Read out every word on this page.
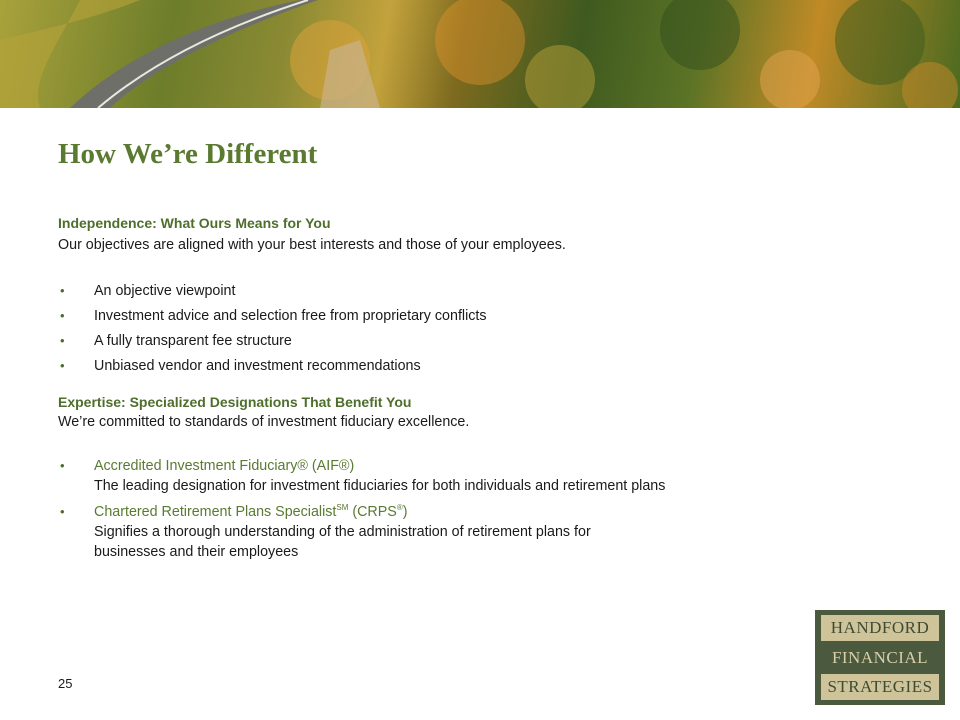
How We’re Different
Independence: What Ours Means for You

Our objectives are aligned with your best interests and those of your employees.

• An objective viewpoint
• Investment advice and selection free from proprietary conflicts
• A fully transparent fee structure
• Unbiased vendor and investment recommendations
Expertise: Specialized Designations That Benefit You
We’re committed to standards of investment fiduciary excellence.
• Accredited Investment Fiduciary® (AIF®)
The leading designation for investment fiduciaries for both individuals and retirement plans
• Chartered Retirement Plans Specialist℠ (CRPS®)
Signifies a thorough understanding of the administration of retirement plans for
businesses and their employees
25
HANDFORD
FINANCIAL
STRATEGIES
